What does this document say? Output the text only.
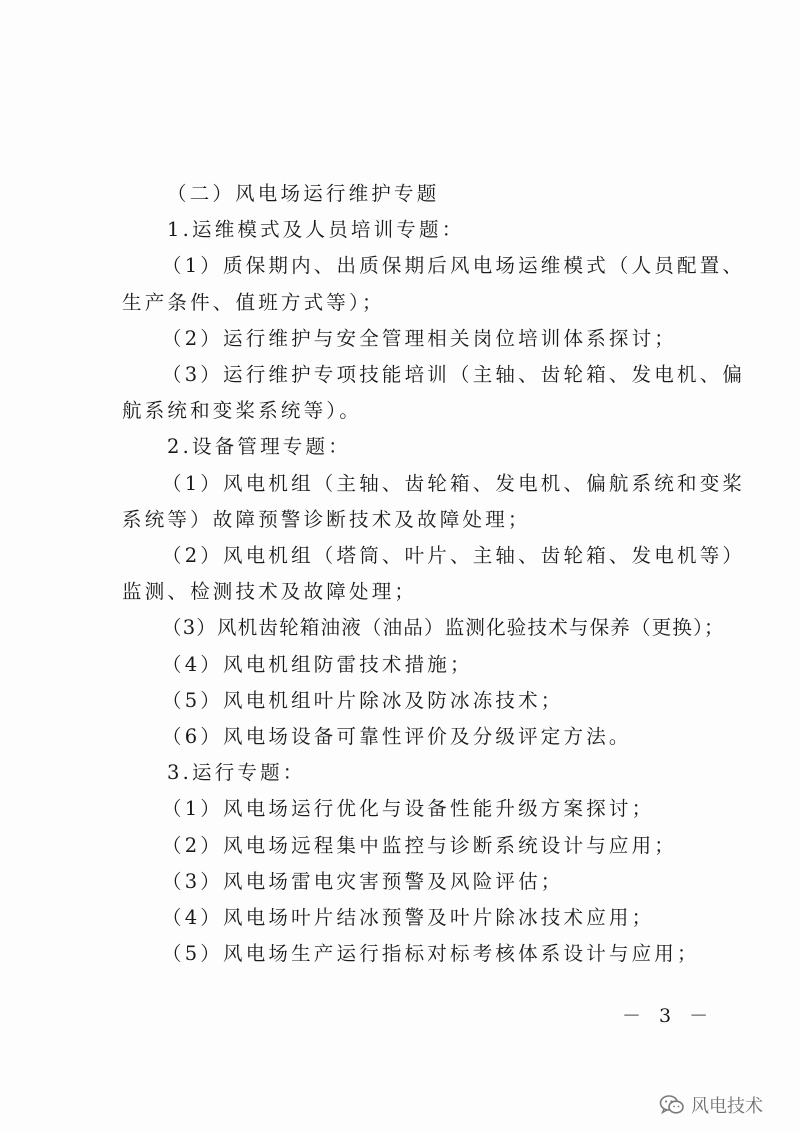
（二）风电场运行维护专题
1.运维模式及人员培训专题：
（1）质保期内、出质保期后风电场运维模式（人员配置、
生产条件、值班方式等）；
（2）运行维护与安全管理相关岗位培训体系探讨；
（3）运行维护专项技能培训（主轴、齿轮箱、发电机、偏
航系统和变桨系统等）。
2.设备管理专题：
（1）风电机组（主轴、齿轮箱、发电机、偏航系统和变桨
系统等）故障预警诊断技术及故障处理；
（2）风电机组（塔筒、叶片、主轴、齿轮箱、发电机等）
监测、检测技术及故障处理；
（3）风机齿轮箱油液（油品）监测化验技术与保养（更换）；
（4）风电机组防雷技术措施；
（5）风电机组叶片除冰及防冰冻技术；
（6）风电场设备可靠性评价及分级评定方法。
3.运行专题：
（1）风电场运行优化与设备性能升级方案探讨；
（2）风电场远程集中监控与诊断系统设计与应用；
（3）风电场雷电灾害预警及风险评估；
（4）风电场叶片结冰预警及叶片除冰技术应用；
（5）风电场生产运行指标对标考核体系设计与应用；
－ 3 －
风电技术
